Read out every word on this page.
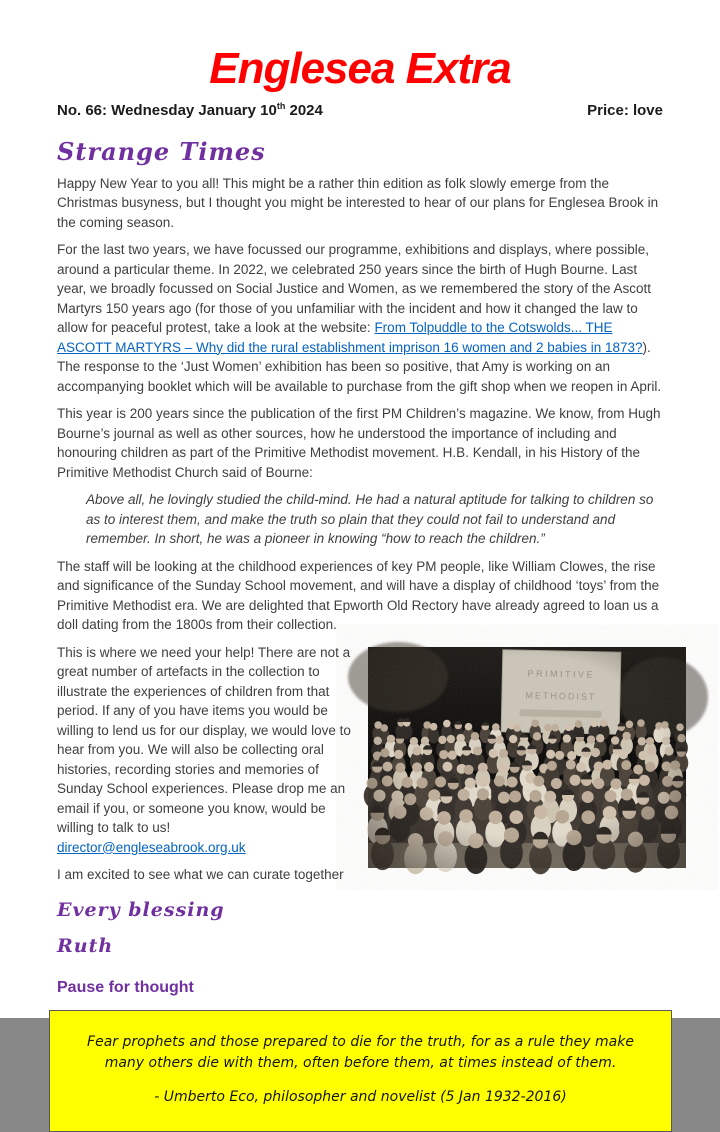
Englesea Extra
No. 66: Wednesday January 10th 2024	Price: love
Strange Times

Happy New Year to you all! This might be a rather thin edition as folk slowly emerge from the Christmas busyness, but I thought you might be interested to hear of our plans for Englesea Brook in the coming season.

For the last two years, we have focussed our programme, exhibitions and displays, where possible, around a particular theme. In 2022, we celebrated 250 years since the birth of Hugh Bourne. Last year, we broadly focussed on Social Justice and Women, as we remembered the story of the Ascott Martyrs 150 years ago (for those of you unfamiliar with the incident and how it changed the law to allow for peaceful protest, take a look at the website: From Tolpuddle to the Cotswolds... THE ASCOTT MARTYRS – Why did the rural establishment imprison 16 women and 2 babies in 1873?). The response to the ‘Just Women’ exhibition has been so positive, that Amy is working on an accompanying booklet which will be available to purchase from the gift shop when we reopen in April.

This year is 200 years since the publication of the first PM Children’s magazine. We know, from Hugh Bourne’s journal as well as other sources, how he understood the importance of including and honouring children as part of the Primitive Methodist movement. H.B. Kendall, in his History of the Primitive Methodist Church said of Bourne:

Above all, he lovingly studied the child-mind. He had a natural aptitude for talking to children so as to interest them, and make the truth so plain that they could not fail to understand and remember. In short, he was a pioneer in knowing “how to reach the children.”

The staff will be looking at the childhood experiences of key PM people, like William Clowes, the rise and significance of the Sunday School movement, and will have a display of childhood ‘toys’ from the Primitive Methodist era. We are delighted that Epworth Old Rectory have already agreed to loan us a doll dating from the 1800s from their collection.

This is where we need your help! There are not a great number of artefacts in the collection to illustrate the experiences of children from that period. If any of you have items you would be willing to lend us for our display, we would love to hear from you. We will also be collecting oral histories, recording stories and memories of Sunday School experiences. Please drop me an email if you, or someone you know, would be willing to talk to us! director@engleseabrook.org.uk

I am excited to see what we can curate together

Every blessing

Ruth

Pause for thought

Fear prophets and those prepared to die for the truth, for as a rule they make many others die with them, often before them, at times instead of them.

- Umberto Eco, philosopher and novelist (5 Jan 1932-2016)
